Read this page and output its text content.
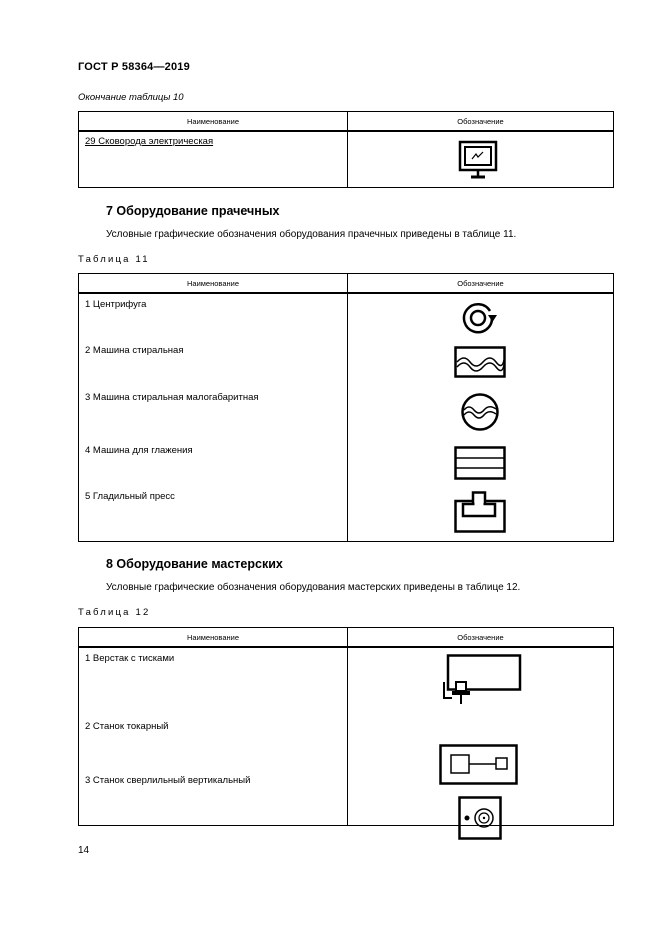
ГОСТ Р 58364—2019
Окончание таблицы 10
Наименование	Обозначение

29 Сковорода электрическая

7 Оборудование прачечных
Условные графические обозначения оборудования прачечных приведены в таблице 11.
Таблица 11
Наименование	Обозначение

1 Центрифуга
2 Машина стиральная
3 Машина стиральная малогабаритная
4 Машина для глажения
5 Гладильный пресс

8 Оборудование мастерских
Условные графические обозначения оборудования мастерских приведены в таблице 12.
Таблица 12
Наименование	Обозначение

1 Верстак с тисками
2 Станок токарный
3 Станок сверлильный вертикальный

14
